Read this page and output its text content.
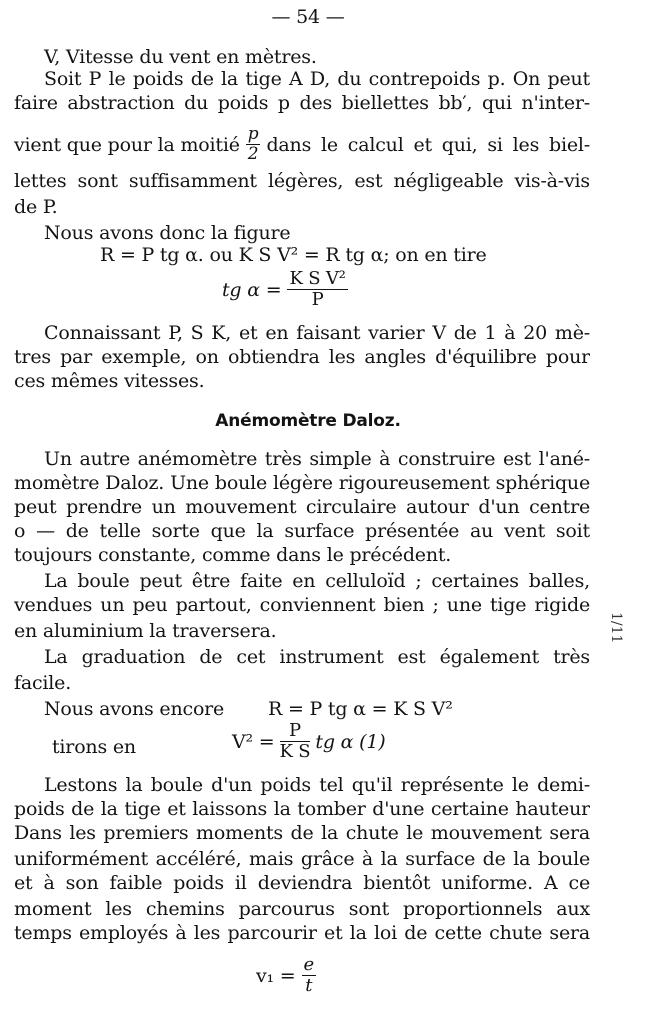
— 54 —
V, Vitesse du vent en mètres.
Soit P le poids de la tige A D, du contrepoids p. On peut
faire abstraction du poids p des biellettes bb′, qui n'inter-
vient que pour la moitié $\frac{p}{2}$ dans le calcul et qui, si les biel-
lettes sont suffisamment légères, est négligeable vis-à-vis
de P.
Nous avons donc la figure
R = P tg α. ou K S V² = R tg α; on en tire
tg $\alpha = \frac{\text{K S V²}}{P}$
Connaissant P, S K, et en faisant varier V de 1 à 20 mè-
tres par exemple, on obtiendra les angles d'équilibre pour
ces mêmes vitesses.
Anémomètre Daloz.
Un autre anémomètre très simple à construire est l'ané-
momètre Daloz. Une boule légère rigoureusement sphérique
peut prendre un mouvement circulaire autour d'un centre
o — de telle sorte que la surface présentée au vent soit
toujours constante, comme dans le précédent.
La boule peut être faite en celluloïd ; certaines balles,
vendues un peu partout, conviennent bien ; une tige rigide
en aluminium la traversera.
La graduation de cet instrument est également très
facile.
Nous avons encore R = P tg α = K S V²
tirons en	$V^2 = \frac{P}{\text{K S}}$ tg α (1)
Lestons la boule d'un poids tel qu'il représente le demi-
poids de la tige et laissons la tomber d'une certaine hauteur
Dans les premiers moments de la chute le mouvement sera
uniformément accéléré, mais grâce à la surface de la boule
et à son faible poids il deviendra bientôt uniforme. A ce
moment les chemins parcourus sont proportionnels aux
temps employés à les parcourir et la loi de cette chute sera
$v_1 = \frac{e}{t}$
1/11
